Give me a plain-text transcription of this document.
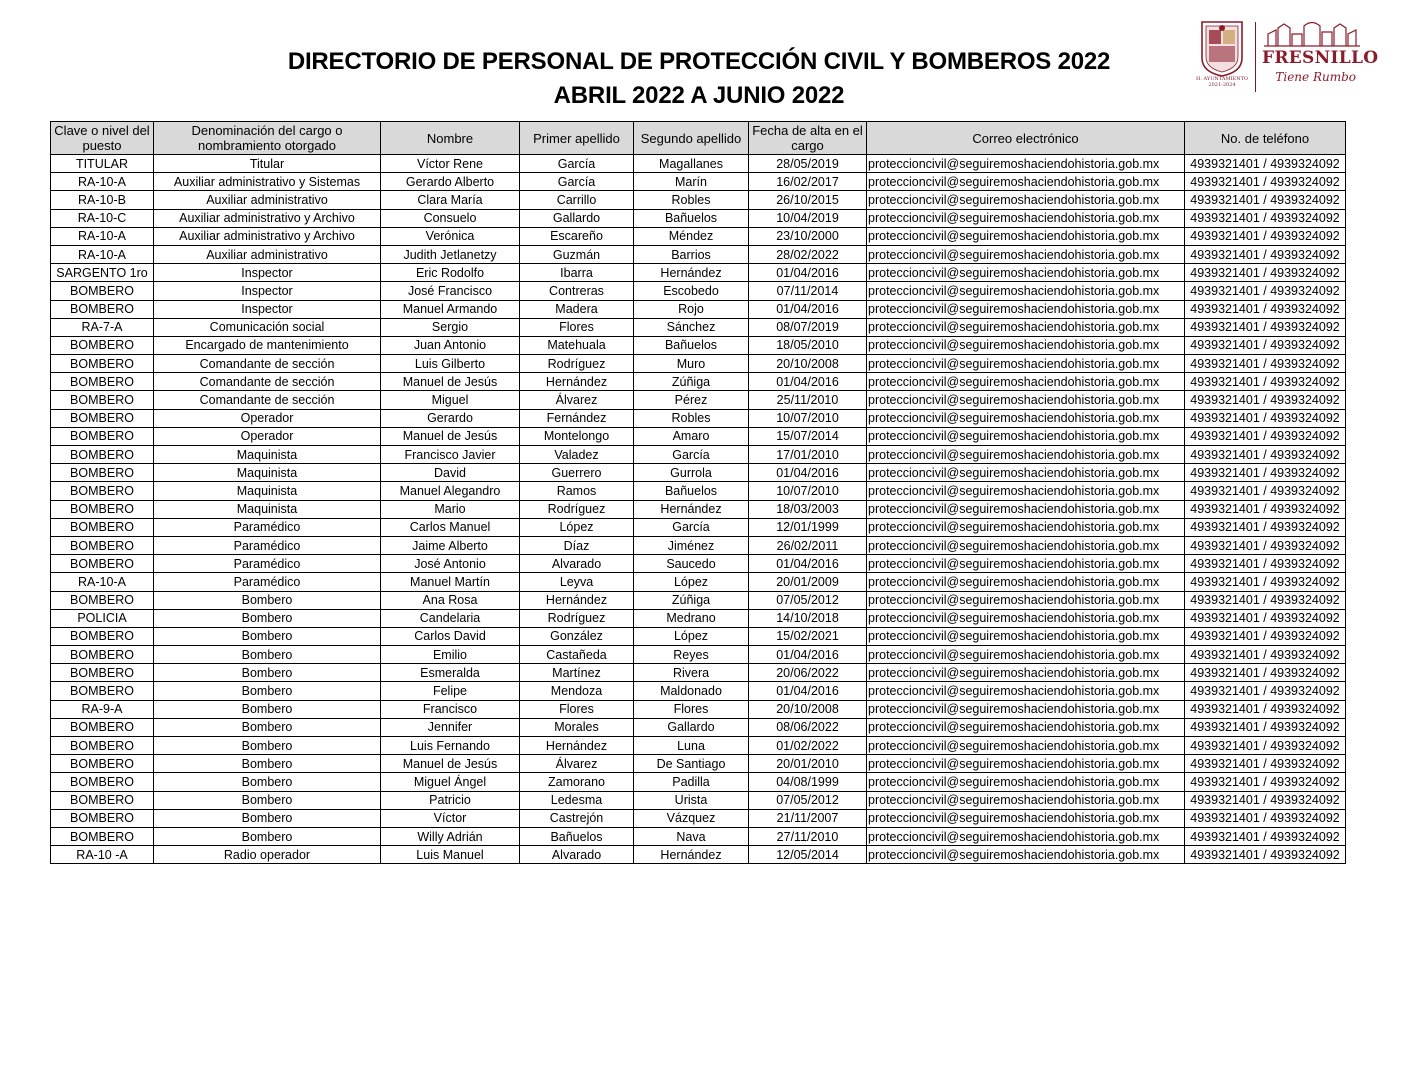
DIRECTORIO DE PERSONAL DE PROTECCIÓN CIVIL Y BOMBEROS 2022
ABRIL 2022 A JUNIO 2022
H. AYUNTAMIENTO 2021-2024
FRESNILLO
Tiene Rumbo
Clave o nivel del puesto	Denominación del cargo o nombramiento otorgado	Nombre	Primer apellido	Segundo apellido	Fecha de alta en el cargo	Correo electrónico	No. de teléfono
TITULAR	Titular	Víctor Rene	García	Magallanes	28/05/2019	proteccioncivil@seguiremoshaciendohistoria.gob.mx	4939321401 / 4939324092
RA-10-A	Auxiliar administrativo y Sistemas	Gerardo Alberto	García	Marín	16/02/2017	proteccioncivil@seguiremoshaciendohistoria.gob.mx	4939321401 / 4939324092
RA-10-B	Auxiliar administrativo	Clara María	Carrillo	Robles	26/10/2015	proteccioncivil@seguiremoshaciendohistoria.gob.mx	4939321401 / 4939324092
RA-10-C	Auxiliar administrativo y Archivo	Consuelo	Gallardo	Bañuelos	10/04/2019	proteccioncivil@seguiremoshaciendohistoria.gob.mx	4939321401 / 4939324092
RA-10-A	Auxiliar administrativo y Archivo	Verónica	Escareño	Méndez	23/10/2000	proteccioncivil@seguiremoshaciendohistoria.gob.mx	4939321401 / 4939324092
RA-10-A	Auxiliar administrativo	Judith Jetlanetzy	Guzmán	Barrios	28/02/2022	proteccioncivil@seguiremoshaciendohistoria.gob.mx	4939321401 / 4939324092
SARGENTO 1ro	Inspector	Eric Rodolfo	Ibarra	Hernández	01/04/2016	proteccioncivil@seguiremoshaciendohistoria.gob.mx	4939321401 / 4939324092
BOMBERO	Inspector	José Francisco	Contreras	Escobedo	07/11/2014	proteccioncivil@seguiremoshaciendohistoria.gob.mx	4939321401 / 4939324092
BOMBERO	Inspector	Manuel Armando	Madera	Rojo	01/04/2016	proteccioncivil@seguiremoshaciendohistoria.gob.mx	4939321401 / 4939324092
RA-7-A	Comunicación social	Sergio	Flores	Sánchez	08/07/2019	proteccioncivil@seguiremoshaciendohistoria.gob.mx	4939321401 / 4939324092
BOMBERO	Encargado de mantenimiento	Juan Antonio	Matehuala	Bañuelos	18/05/2010	proteccioncivil@seguiremoshaciendohistoria.gob.mx	4939321401 / 4939324092
BOMBERO	Comandante de sección	Luis Gilberto	Rodríguez	Muro	20/10/2008	proteccioncivil@seguiremoshaciendohistoria.gob.mx	4939321401 / 4939324092
BOMBERO	Comandante de sección	Manuel de Jesús	Hernández	Zúñiga	01/04/2016	proteccioncivil@seguiremoshaciendohistoria.gob.mx	4939321401 / 4939324092
BOMBERO	Comandante de sección	Miguel	Álvarez	Pérez	25/11/2010	proteccioncivil@seguiremoshaciendohistoria.gob.mx	4939321401 / 4939324092
BOMBERO	Operador	Gerardo	Fernández	Robles	10/07/2010	proteccioncivil@seguiremoshaciendohistoria.gob.mx	4939321401 / 4939324092
BOMBERO	Operador	Manuel de Jesús	Montelongo	Amaro	15/07/2014	proteccioncivil@seguiremoshaciendohistoria.gob.mx	4939321401 / 4939324092
BOMBERO	Maquinista	Francisco Javier	Valadez	García	17/01/2010	proteccioncivil@seguiremoshaciendohistoria.gob.mx	4939321401 / 4939324092
BOMBERO	Maquinista	David	Guerrero	Gurrola	01/04/2016	proteccioncivil@seguiremoshaciendohistoria.gob.mx	4939321401 / 4939324092
BOMBERO	Maquinista	Manuel Alegandro	Ramos	Bañuelos	10/07/2010	proteccioncivil@seguiremoshaciendohistoria.gob.mx	4939321401 / 4939324092
BOMBERO	Maquinista	Mario	Rodríguez	Hernández	18/03/2003	proteccioncivil@seguiremoshaciendohistoria.gob.mx	4939321401 / 4939324092
BOMBERO	Paramédico	Carlos Manuel	López	García	12/01/1999	proteccioncivil@seguiremoshaciendohistoria.gob.mx	4939321401 / 4939324092
BOMBERO	Paramédico	Jaime Alberto	Díaz	Jiménez	26/02/2011	proteccioncivil@seguiremoshaciendohistoria.gob.mx	4939321401 / 4939324092
BOMBERO	Paramédico	José Antonio	Alvarado	Saucedo	01/04/2016	proteccioncivil@seguiremoshaciendohistoria.gob.mx	4939321401 / 4939324092
RA-10-A	Paramédico	Manuel Martín	Leyva	López	20/01/2009	proteccioncivil@seguiremoshaciendohistoria.gob.mx	4939321401 / 4939324092
BOMBERO	Bombero	Ana Rosa	Hernández	Zúñiga	07/05/2012	proteccioncivil@seguiremoshaciendohistoria.gob.mx	4939321401 / 4939324092
POLICIA	Bombero	Candelaria	Rodríguez	Medrano	14/10/2018	proteccioncivil@seguiremoshaciendohistoria.gob.mx	4939321401 / 4939324092
BOMBERO	Bombero	Carlos David	González	López	15/02/2021	proteccioncivil@seguiremoshaciendohistoria.gob.mx	4939321401 / 4939324092
BOMBERO	Bombero	Emilio	Castañeda	Reyes	01/04/2016	proteccioncivil@seguiremoshaciendohistoria.gob.mx	4939321401 / 4939324092
BOMBERO	Bombero	Esmeralda	Martínez	Rivera	20/06/2022	proteccioncivil@seguiremoshaciendohistoria.gob.mx	4939321401 / 4939324092
BOMBERO	Bombero	Felipe	Mendoza	Maldonado	01/04/2016	proteccioncivil@seguiremoshaciendohistoria.gob.mx	4939321401 / 4939324092
RA-9-A	Bombero	Francisco	Flores	Flores	20/10/2008	proteccioncivil@seguiremoshaciendohistoria.gob.mx	4939321401 / 4939324092
BOMBERO	Bombero	Jennifer	Morales	Gallardo	08/06/2022	proteccioncivil@seguiremoshaciendohistoria.gob.mx	4939321401 / 4939324092
BOMBERO	Bombero	Luis Fernando	Hernández	Luna	01/02/2022	proteccioncivil@seguiremoshaciendohistoria.gob.mx	4939321401 / 4939324092
BOMBERO	Bombero	Manuel de Jesús	Álvarez	De Santiago	20/01/2010	proteccioncivil@seguiremoshaciendohistoria.gob.mx	4939321401 / 4939324092
BOMBERO	Bombero	Miguel Ángel	Zamorano	Padilla	04/08/1999	proteccioncivil@seguiremoshaciendohistoria.gob.mx	4939321401 / 4939324092
BOMBERO	Bombero	Patricio	Ledesma	Urista	07/05/2012	proteccioncivil@seguiremoshaciendohistoria.gob.mx	4939321401 / 4939324092
BOMBERO	Bombero	Víctor	Castrejón	Vázquez	21/11/2007	proteccioncivil@seguiremoshaciendohistoria.gob.mx	4939321401 / 4939324092
BOMBERO	Bombero	Willy Adrián	Bañuelos	Nava	27/11/2010	proteccioncivil@seguiremoshaciendohistoria.gob.mx	4939321401 / 4939324092
RA-10 -A	Radio operador	Luis Manuel	Alvarado	Hernández	12/05/2014	proteccioncivil@seguiremoshaciendohistoria.gob.mx	4939321401 / 4939324092
